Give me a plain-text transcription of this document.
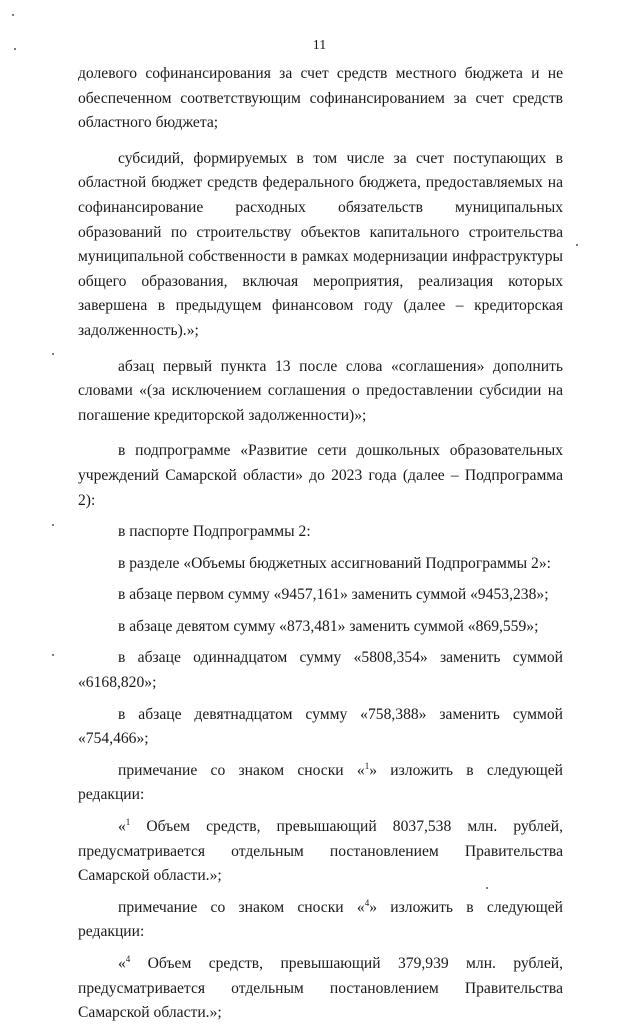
11

долевого софинансирования за счет средств местного бюджета и не обеспеченном соответствующим софинансированием за счет средств областного бюджета;

субсидий, формируемых в том числе за счет поступающих в областной бюджет средств федерального бюджета, предоставляемых на софинансирование расходных обязательств муниципальных образований по строительству объектов капитального строительства муниципальной собственности в рамках модернизации инфраструктуры общего образования, включая мероприятия, реализация которых завершена в предыдущем финансовом году (далее – кредиторская задолженность).»;

абзац первый пункта 13 после слова «соглашения» дополнить словами «(за исключением соглашения о предоставлении субсидии на погашение кредиторской задолженности)»;

в подпрограмме «Развитие сети дошкольных образовательных учреждений Самарской области» до 2023 года (далее – Подпрограмма 2):

в паспорте Подпрограммы 2:

в разделе «Объемы бюджетных ассигнований Подпрограммы 2»:

в абзаце первом сумму «9457,161» заменить суммой «9453,238»;

в абзаце девятом сумму «873,481» заменить суммой «869,559»;

в абзаце одиннадцатом сумму «5808,354» заменить суммой «6168,820»;

в абзаце девятнадцатом сумму «758,388» заменить суммой «754,466»;

примечание со знаком сноски «$^1$» изложить в следующей редакции:

«$^1$ Объем средств, превышающий 8037,538 млн. рублей, предусматривается отдельным постановлением Правительства Самарской области.»;

примечание со знаком сноски «$^4$» изложить в следующей редакции:

«$^4$ Объем средств, превышающий 379,939 млн. рублей, предусматривается отдельным постановлением Правительства Самарской области.»;
